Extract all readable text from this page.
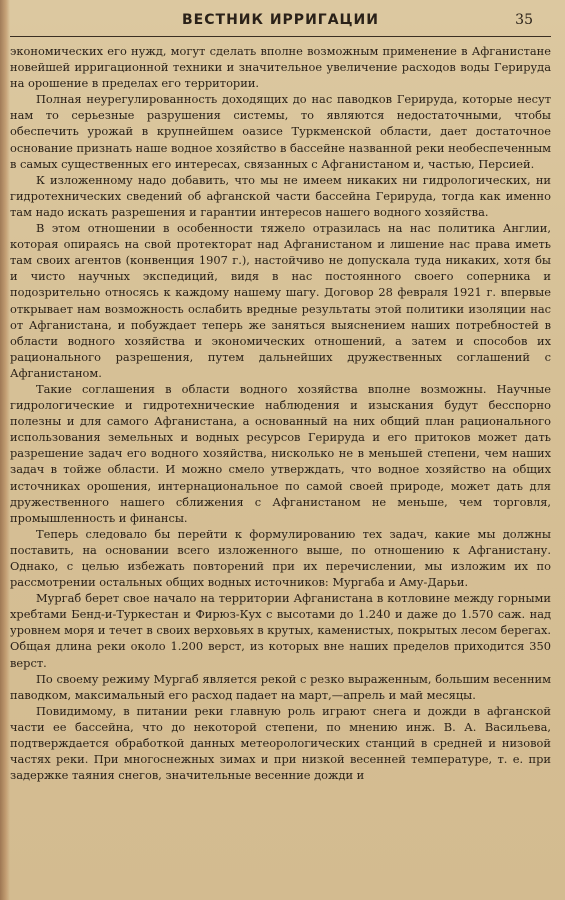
ВЕСТНИК ИРРИГАЦИИ	35

экономических его нужд, могут сделать вполне возможным применение в Афганистане новейшей ирригационной техники и значительное увеличение расходов воды Герируда на орошение в пределах его территории.

Полная неурегулированность доходящих до нас паводков Герируда, которые несут нам то серьезные разрушения системы, то являются недостаточными, чтобы обеспечить урожай в крупнейшем оазисе Туркменской области, дает достаточное основание признать наше водное хозяйство в бассейне названной реки необеспеченным в самых существенных его интересах, связанных с Афганистаном и, частью, Персией.

К изложенному надо добавить, что мы не имеем никаких ни гидрологических, ни гидротехнических сведений об афганской части бассейна Герируда, тогда как именно там надо искать разрешения и гарантии интересов нашего водного хозяйства.

В этом отношении в особенности тяжело отразилась на нас политика Англии, которая опираясь на свой протекторат над Афганистаном и лишение нас права иметь там своих агентов (конвенция 1907 г.), настойчиво не допускала туда никаких, хотя бы и чисто научных экспедиций, видя в нас постоянного своего соперника и подозрительно относясь к каждому нашему шагу. Договор 28 февраля 1921 г. впервые открывает нам возможность ослабить вредные результаты этой политики изоляции нас от Афганистана, и побуждает теперь же заняться выяснением наших потребностей в области водного хозяйства и экономических отношений, а затем и способов их рационального разрешения, путем дальнейших дружественных соглашений с Афганистаном.

Такие соглашения в области водного хозяйства вполне возможны. Научные гидрологические и гидротехнические наблюдения и изыскания будут бесспорно полезны и для самого Афганистана, а основанный на них общий план рационального использования земельных и водных ресурсов Герируда и его притоков может дать разрешение задач его водного хозяйства, нисколько не в меньшей степени, чем наших задач в тойже области. И можно смело утверждать, что водное хозяйство на общих источниках орошения, интернациональное по самой своей природе, может дать для дружественного нашего сближения с Афганистаном не меньше, чем торговля, промышленность и финансы.

Теперь следовало бы перейти к формулированию тех задач, какие мы должны поставить, на основании всего изложенного выше, по отношению к Афганистану. Однако, с целью избежать повторений при их перечислении, мы изложим их по рассмотрении остальных общих водных источников: Мургаба и Аму-Дарьи.

Мургаб берет свое начало на территории Афганистана в котловине между горными хребтами Бенд-и-Туркестан и Фирюз-Кух с высотами до 1.240 и даже до 1.570 саж. над уровнем моря и течет в своих верховьях в крутых, каменистых, покрытых лесом берегах. Общая длина реки около 1.200 верст, из которых вне наших пределов приходится 350 верст.

По своему режиму Мургаб является рекой с резко выраженным, большим весенним паводком, максимальный его расход падает на март,—апрель и май месяцы.

Повидимому, в питании реки главную роль играют снега и дожди в афганской части ее бассейна, что до некоторой степени, по мнению инж. В. А. Васильева, подтверждается обработкой данных метеорологических станций в средней и низовой частях реки. При многоснежных зимах и при низкой весенней температуре, т. е. при задержке таяния снегов, значительные весенние дожди и
